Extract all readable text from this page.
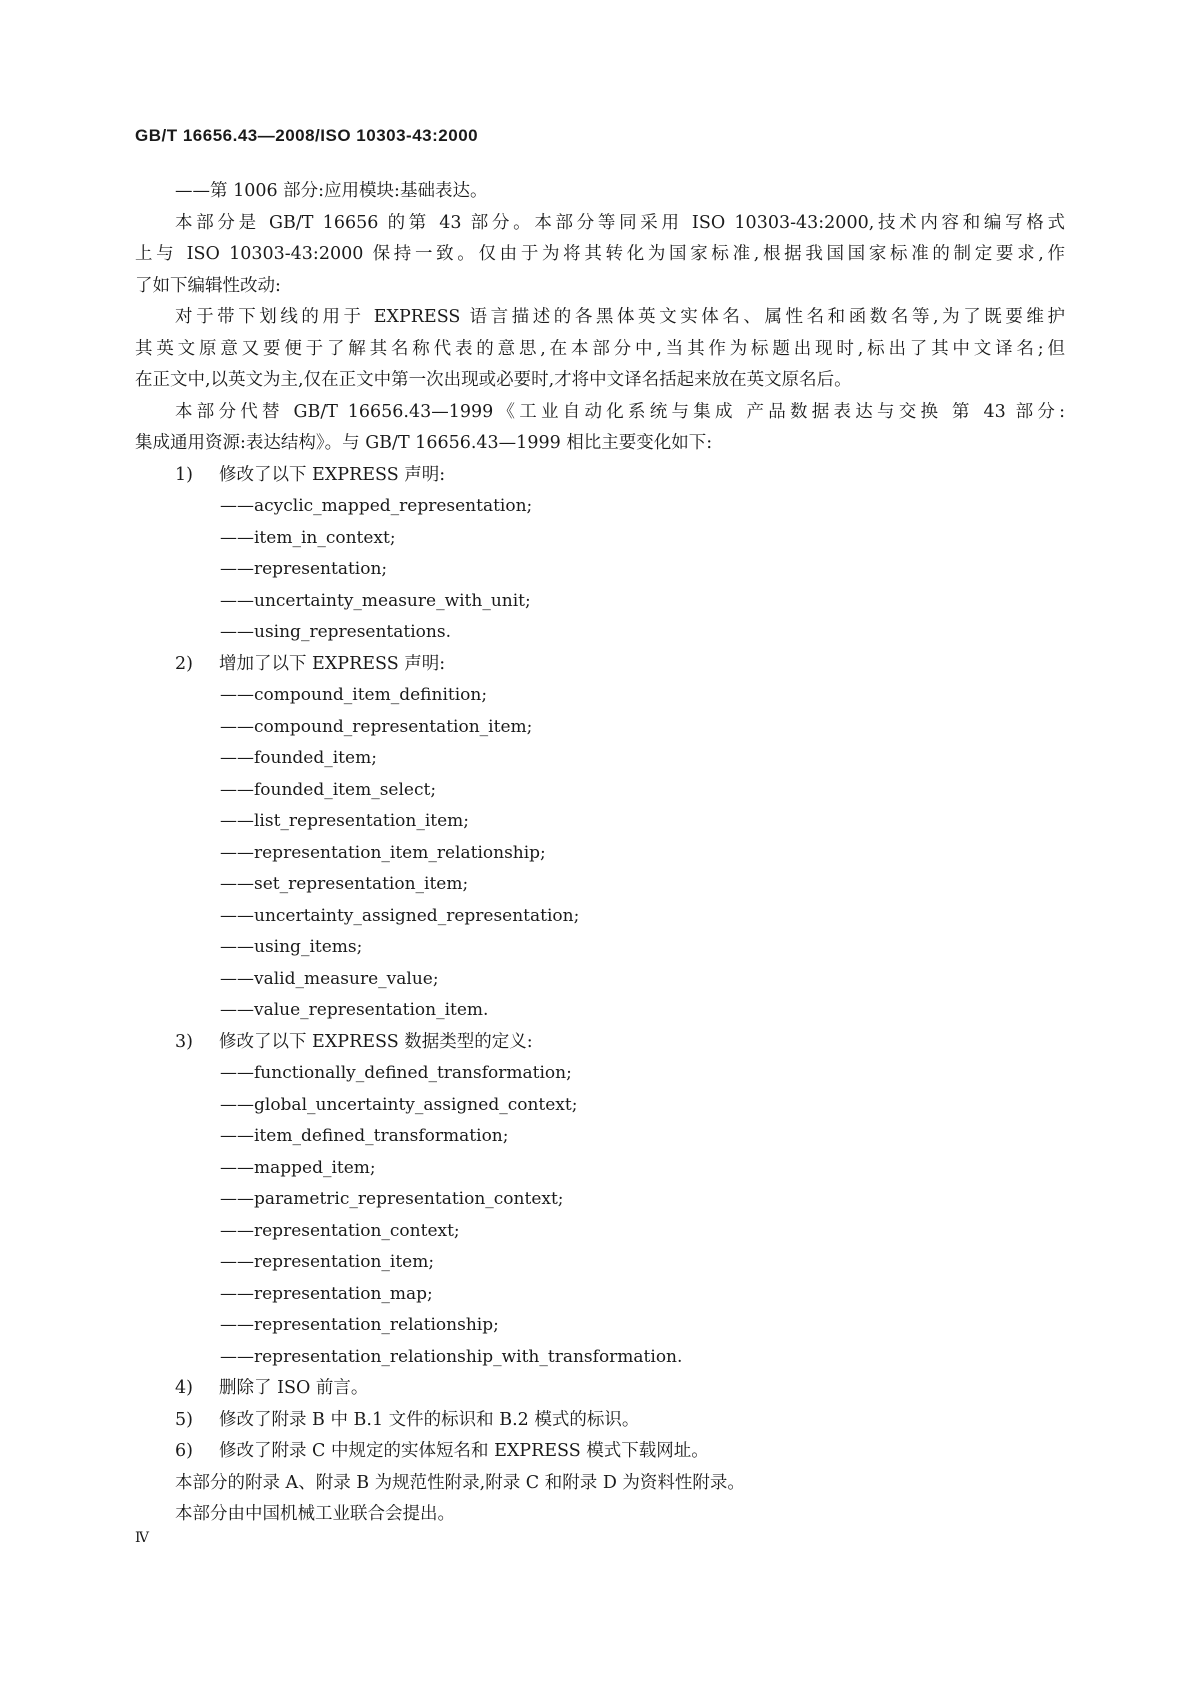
GB/T 16656.43—2008/ISO 10303-43:2000
——第 1006 部分:应用模块:基础表达。
本部分是 GB/T 16656 的第 43 部分。本部分等同采用 ISO 10303-43:2000,技术内容和编写格式
上与 ISO 10303-43:2000 保持一致。仅由于为将其转化为国家标准,根据我国国家标准的制定要求,作
了如下编辑性改动:
对于带下划线的用于 EXPRESS 语言描述的各黑体英文实体名、属性名和函数名等,为了既要维护
其英文原意又要便于了解其名称代表的意思,在本部分中,当其作为标题出现时,标出了其中文译名;但
在正文中,以英文为主,仅在正文中第一次出现或必要时,才将中文译名括起来放在英文原名后。
本部分代替 GB/T 16656.43—1999《工业自动化系统与集成 产品数据表达与交换 第 43 部分:
集成通用资源:表达结构》。与 GB/T 16656.43—1999 相比主要变化如下:
1) 修改了以下 EXPRESS 声明:
——acyclic_mapped_representation;
——item_in_context;
——representation;
——uncertainty_measure_with_unit;
——using_representations.
2) 增加了以下 EXPRESS 声明:
——compound_item_definition;
——compound_representation_item;
——founded_item;
——founded_item_select;
——list_representation_item;
——representation_item_relationship;
——set_representation_item;
——uncertainty_assigned_representation;
——using_items;
——valid_measure_value;
——value_representation_item.
3) 修改了以下 EXPRESS 数据类型的定义:
——functionally_defined_transformation;
——global_uncertainty_assigned_context;
——item_defined_transformation;
——mapped_item;
——parametric_representation_context;
——representation_context;
——representation_item;
——representation_map;
——representation_relationship;
——representation_relationship_with_transformation.
4) 删除了 ISO 前言。
5) 修改了附录 B 中 B.1 文件的标识和 B.2 模式的标识。
6) 修改了附录 C 中规定的实体短名和 EXPRESS 模式下载网址。
本部分的附录 A、附录 B 为规范性附录,附录 C 和附录 D 为资料性附录。
本部分由中国机械工业联合会提出。
Ⅳ
